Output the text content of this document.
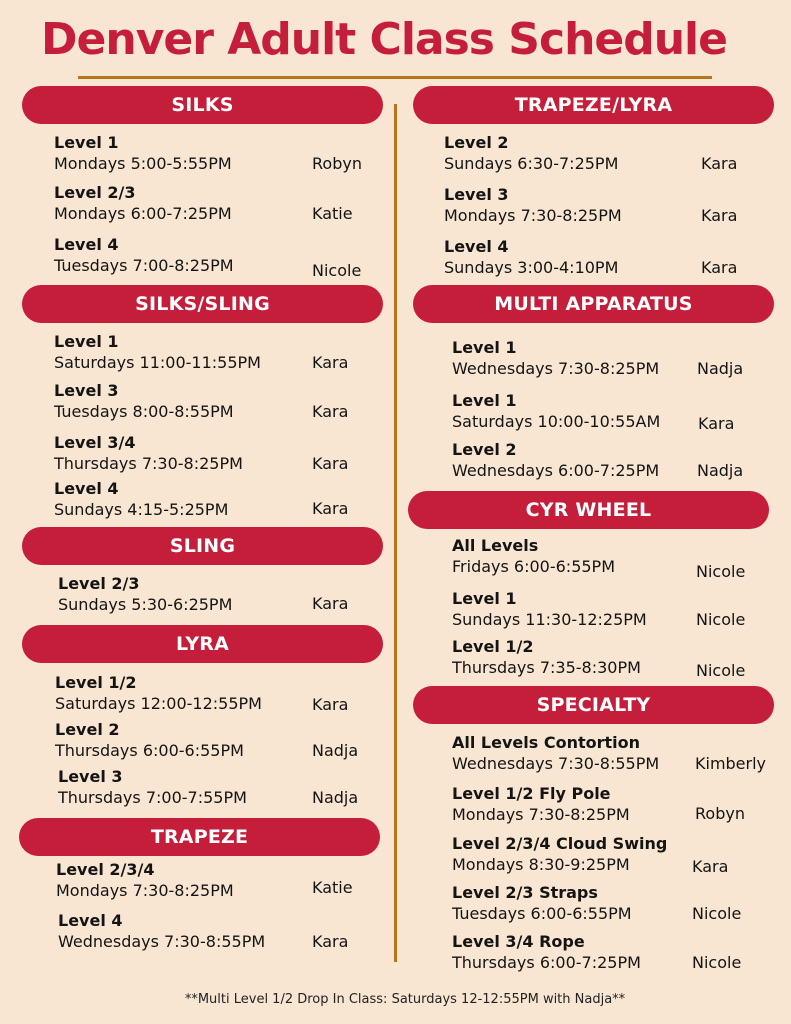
Denver Adult Class Schedule
SILKS
Level 1
Mondays 5:00-5:55PM	Robyn
Level 2/3
Mondays 6:00-7:25PM	Katie
Level 4
Tuesdays 7:00-8:25PM	Nicole
SILKS/SLING
Level 1
Saturdays 11:00-11:55PM	Kara
Level 3
Tuesdays 8:00-8:55PM	Kara
Level 3/4
Thursdays 7:30-8:25PM	Kara
Level 4
Sundays 4:15-5:25PM	Kara
SLING
Level 2/3
Sundays 5:30-6:25PM	Kara
LYRA
Level 1/2
Saturdays 12:00-12:55PM	Kara
Level 2
Thursdays 6:00-6:55PM	Nadja
Level 3
Thursdays 7:00-7:55PM	Nadja
TRAPEZE
Level 2/3/4
Mondays 7:30-8:25PM	Katie
Level 4
Wednesdays 7:30-8:55PM	Kara
TRAPEZE/LYRA
Level 2
Sundays 6:30-7:25PM	Kara
Level 3
Mondays 7:30-8:25PM	Kara
Level 4
Sundays 3:00-4:10PM	Kara
MULTI APPARATUS
Level 1
Wednesdays 7:30-8:25PM Nadja
Level 1
Saturdays 10:00-10:55AM Kara
Level 2
Wednesdays 6:00-7:25PM Nadja
CYR WHEEL
All Levels
Fridays 6:00-6:55PM	Nicole
Level 1
Sundays 11:30-12:25PM	Nicole
Level 1/2
Thursdays 7:35-8:30PM	Nicole
SPECIALTY
All Levels Contortion
Wednesdays 7:30-8:55PM Kimberly
Level 1/2 Fly Pole
Mondays 7:30-8:25PM	Robyn
Level 2/3/4 Cloud Swing
Mondays 8:30-9:25PM	Kara
Level 2/3 Straps
Tuesdays 6:00-6:55PM	Nicole
Level 3/4 Rope
Thursdays 6:00-7:25PM	Nicole
**Multi Level 1/2 Drop In Class: Saturdays 12-12:55PM with Nadja**
